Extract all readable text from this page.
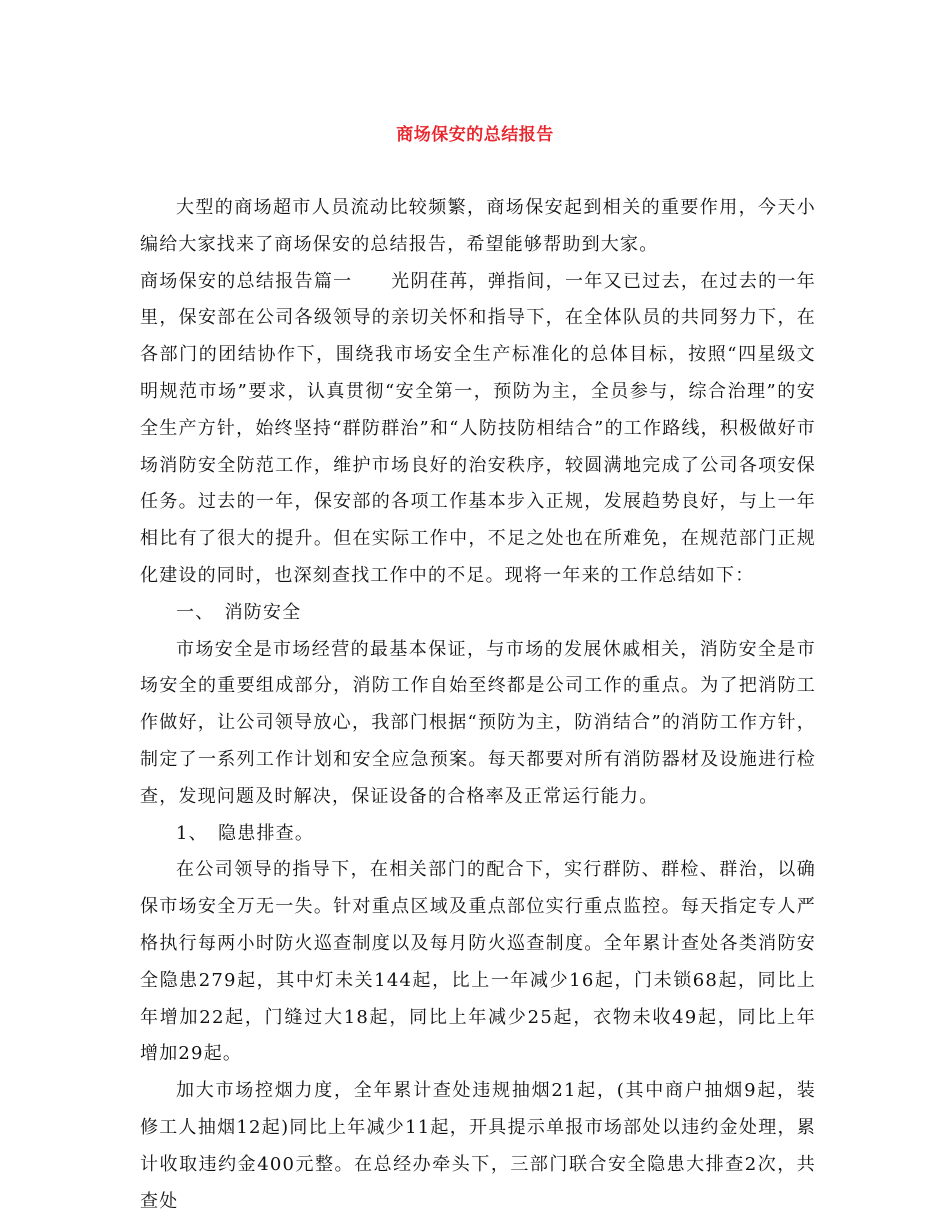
商场保安的总结报告

大型的商场超市人员流动比较频繁，商场保安起到相关的重要作用，今天小编给大家找来了商场保安的总结报告，希望能够帮助到大家。

商场保安的总结报告篇一　　光阴荏苒，弹指间，一年又已过去，在过去的一年里，保安部在公司各级领导的亲切关怀和指导下，在全体队员的共同努力下，在各部门的团结协作下，围绕我市场安全生产标准化的总体目标，按照“四星级文明规范市场”要求，认真贯彻“安全第一，预防为主，全员参与，综合治理”的安全生产方针，始终坚持“群防群治”和“人防技防相结合”的工作路线，积极做好市场消防安全防范工作，维护市场良好的治安秩序，较圆满地完成了公司各项安保任务。过去的一年，保安部的各项工作基本步入正规，发展趋势良好，与上一年相比有了很大的提升。但在实际工作中，不足之处也在所难免，在规范部门正规化建设的同时，也深刻查找工作中的不足。现将一年来的工作总结如下：

一、　消防安全

市场安全是市场经营的最基本保证，与市场的发展休戚相关，消防安全是市场安全的重要组成部分，消防工作自始至终都是公司工作的重点。为了把消防工作做好，让公司领导放心，我部门根据“预防为主，防消结合”的消防工作方针，制定了一系列工作计划和安全应急预案。每天都要对所有消防器材及设施进行检查，发现问题及时解决，保证设备的合格率及正常运行能力。

1、　隐患排查。

在公司领导的指导下，在相关部门的配合下，实行群防、群检、群治，以确保市场安全万无一失。针对重点区域及重点部位实行重点监控。每天指定专人严格执行每两小时防火巡查制度以及每月防火巡查制度。全年累计查处各类消防安全隐患279起，其中灯未关144起，比上一年减少16起，门未锁68起，同比上年增加22起，门缝过大18起，同比上年减少25起，衣物未收49起，同比上年增加29起。

加大市场控烟力度，全年累计查处违规抽烟21起，(其中商户抽烟9起，装修工人抽烟12起)同比上年减少11起，开具提示单报市场部处以违约金处理，累计收取违约金400元整。在总经办牵头下，三部门联合安全隐患大排查2次，共查处
